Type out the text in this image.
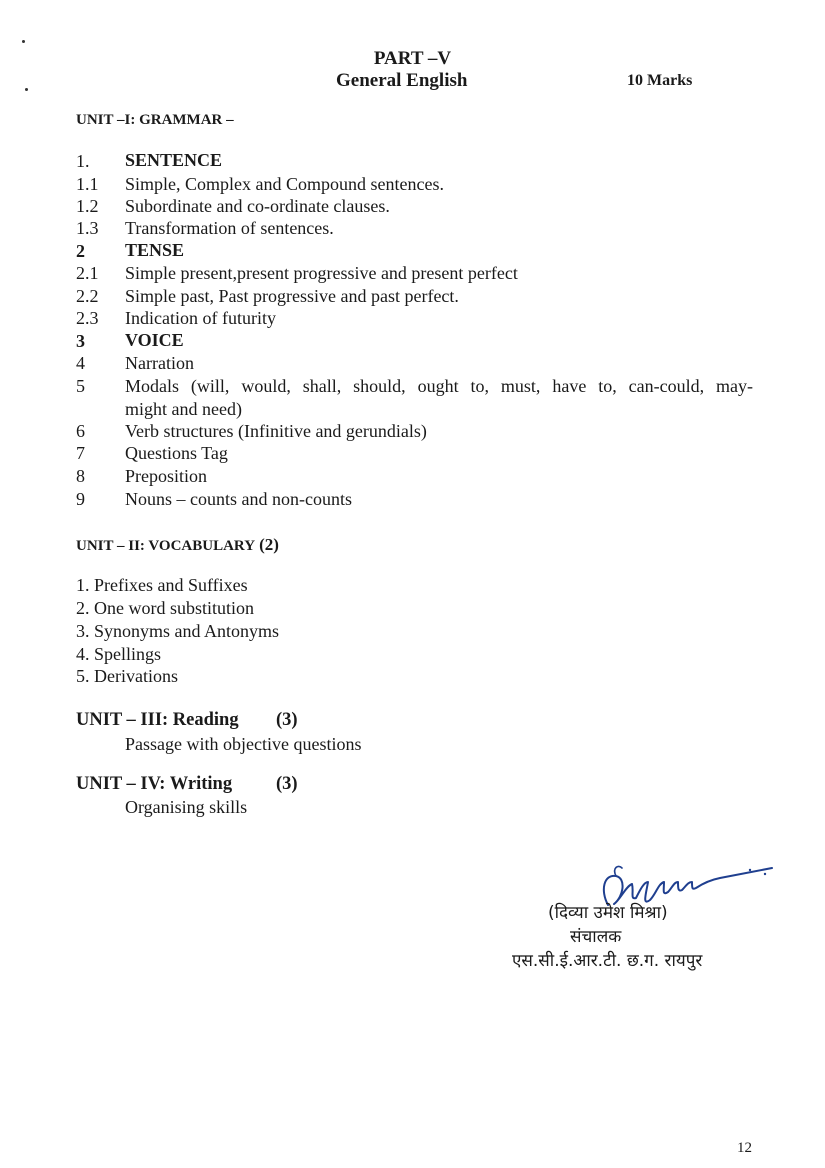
PART –V
General English	10 Marks
UNIT –I: GRAMMAR –
1. SENTENCE
1.1 Simple, Complex and Compound sentences.
1.2 Subordinate and co-ordinate clauses.
1.3 Transformation of sentences.
2 TENSE
2.1 Simple present,present progressive and present perfect
2.2 Simple past, Past progressive and past perfect.
2.3 Indication of futurity
3 VOICE
4 Narration
5 Modals (will, would, shall, should, ought to, must, have to, can-could, may-
might and need)
6 Verb structures (Infinitive and gerundials)
7 Questions Tag
8 Preposition
9 Nouns – counts and non-counts
UNIT – II: VOCABULARY (2)
1. Prefixes and Suffixes
2. One word substitution
3. Synonyms and Antonyms
4. Spellings
5. Derivations
UNIT – III: Reading (3)
Passage with objective questions
UNIT – IV: Writing (3)
Organising skills
(दिव्या उमेश मिश्रा)
संचालक
एस.सी.ई.आर.टी. छ.ग. रायपुर
12
